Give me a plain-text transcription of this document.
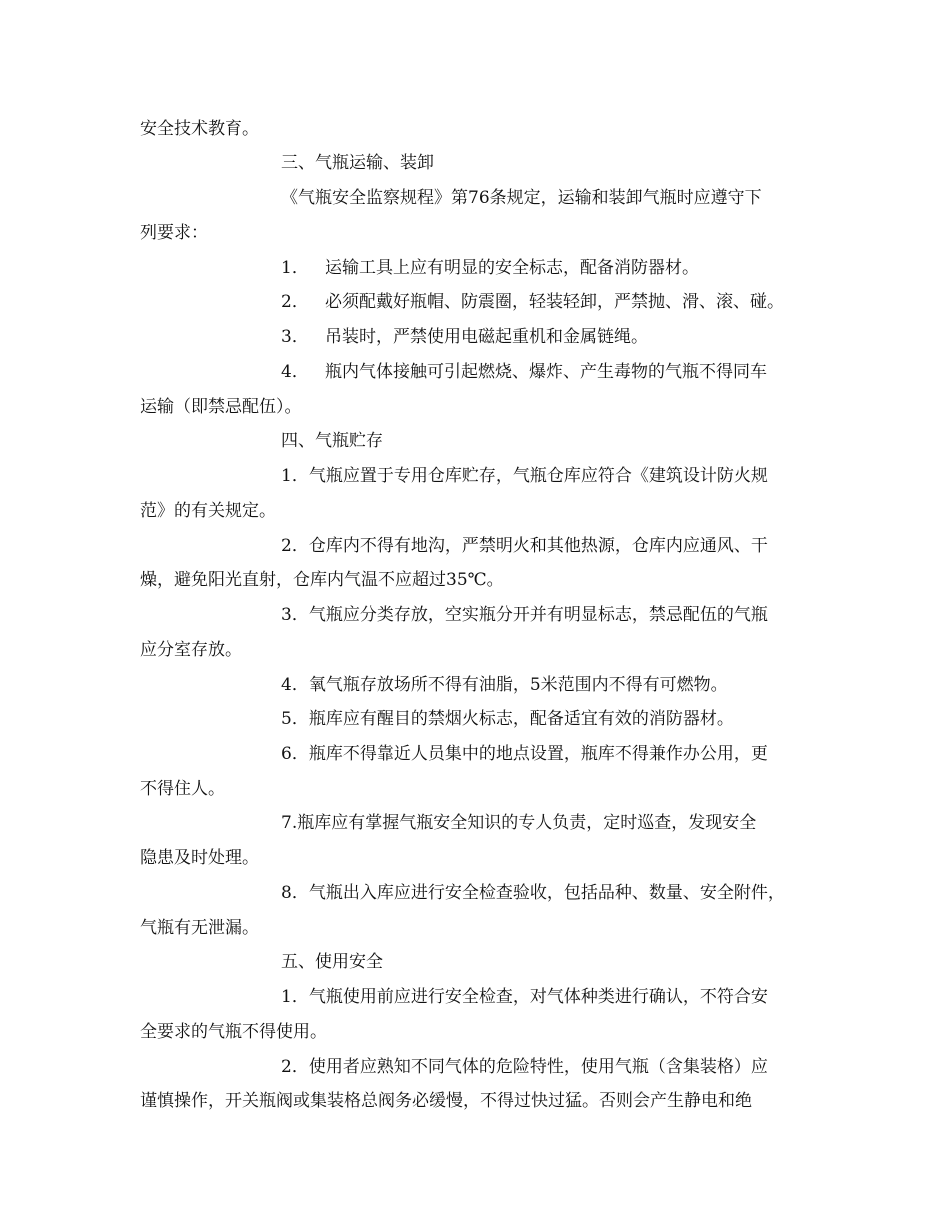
安全技术教育。
三、气瓶运输、装卸
《气瓶安全监察规程》第76条规定，运输和装卸气瓶时应遵守下
列要求：
1． 运输工具上应有明显的安全标志，配备消防器材。
2． 必须配戴好瓶帽、防震圈，轻装轻卸，严禁抛、滑、滚、碰。
3． 吊装时，严禁使用电磁起重机和金属链绳。
4． 瓶内气体接触可引起燃烧、爆炸、产生毒物的气瓶不得同车
运输（即禁忌配伍）。
四、气瓶贮存
1．气瓶应置于专用仓库贮存，气瓶仓库应符合《建筑设计防火规
范》的有关规定。
2．仓库内不得有地沟，严禁明火和其他热源，仓库内应通风、干
燥，避免阳光直射，仓库内气温不应超过35℃。
3．气瓶应分类存放，空实瓶分开并有明显标志，禁忌配伍的气瓶
应分室存放。
4．氧气瓶存放场所不得有油脂，5米范围内不得有可燃物。
5．瓶库应有醒目的禁烟火标志，配备适宜有效的消防器材。
6．瓶库不得靠近人员集中的地点设置，瓶库不得兼作办公用，更
不得住人。
7.瓶库应有掌握气瓶安全知识的专人负责，定时巡查，发现安全
隐患及时处理。
8．气瓶出入库应进行安全检查验收，包括品种、数量、安全附件，
气瓶有无泄漏。
五、使用安全
1．气瓶使用前应进行安全检查，对气体种类进行确认，不符合安
全要求的气瓶不得使用。
2．使用者应熟知不同气体的危险特性，使用气瓶（含集装格）应
谨慎操作，开关瓶阀或集装格总阀务必缓慢，不得过快过猛。否则会产生静电和绝
